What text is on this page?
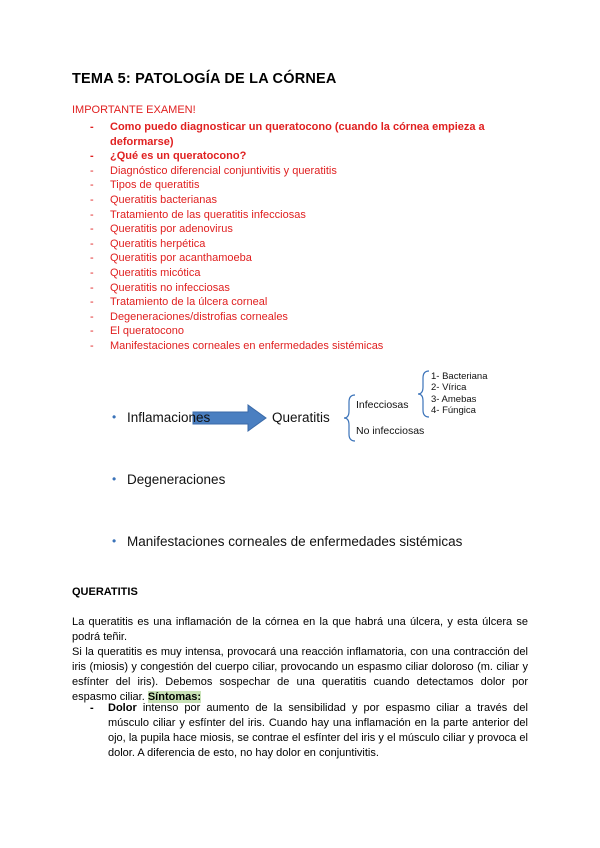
TEMA 5: PATOLOGÍA DE LA CÓRNEA
IMPORTANTE EXAMEN!
- Como puedo diagnosticar un queratocono (cuando la córnea empieza a deformarse)
- ¿Qué es un queratocono?
- Diagnóstico diferencial conjuntivitis y queratitis
- Tipos de queratitis
- Queratitis bacterianas
- Tratamiento de las queratitis infecciosas
- Queratitis por adenovirus
- Queratitis herpética
- Queratitis por acanthamoeba
- Queratitis micótica
- Queratitis no infecciosas
- Tratamiento de la úlcera corneal
- Degeneraciones/distrofias corneales
- El queratocono
- Manifestaciones corneales en enfermedades sistémicas
• Inflamaciones	Queratitis
Infecciosas
No infecciosas
1- Bacteriana
2- Vírica
3- Amebas
4- Fúngica
• Degeneraciones
• Manifestaciones corneales de enfermedades sistémicas
QUERATITIS

La queratitis es una inflamación de la córnea en la que habrá una úlcera, y esta úlcera se podrá teñir.

Si la queratitis es muy intensa, provocará una reacción inflamatoria, con una contracción del iris (miosis) y congestión del cuerpo ciliar, provocando un espasmo ciliar doloroso (m. ciliar y esfínter del iris). Debemos sospechar de una queratitis cuando detectamos dolor por espasmo ciliar. Síntomas:

- Dolor intenso por aumento de la sensibilidad y por espasmo ciliar a través del músculo ciliar y esfínter del iris. Cuando hay una inflamación en la parte anterior del ojo, la pupila hace miosis, se contrae el esfínter del iris y el músculo ciliar y provoca el dolor. A diferencia de esto, no hay dolor en conjuntivitis.
